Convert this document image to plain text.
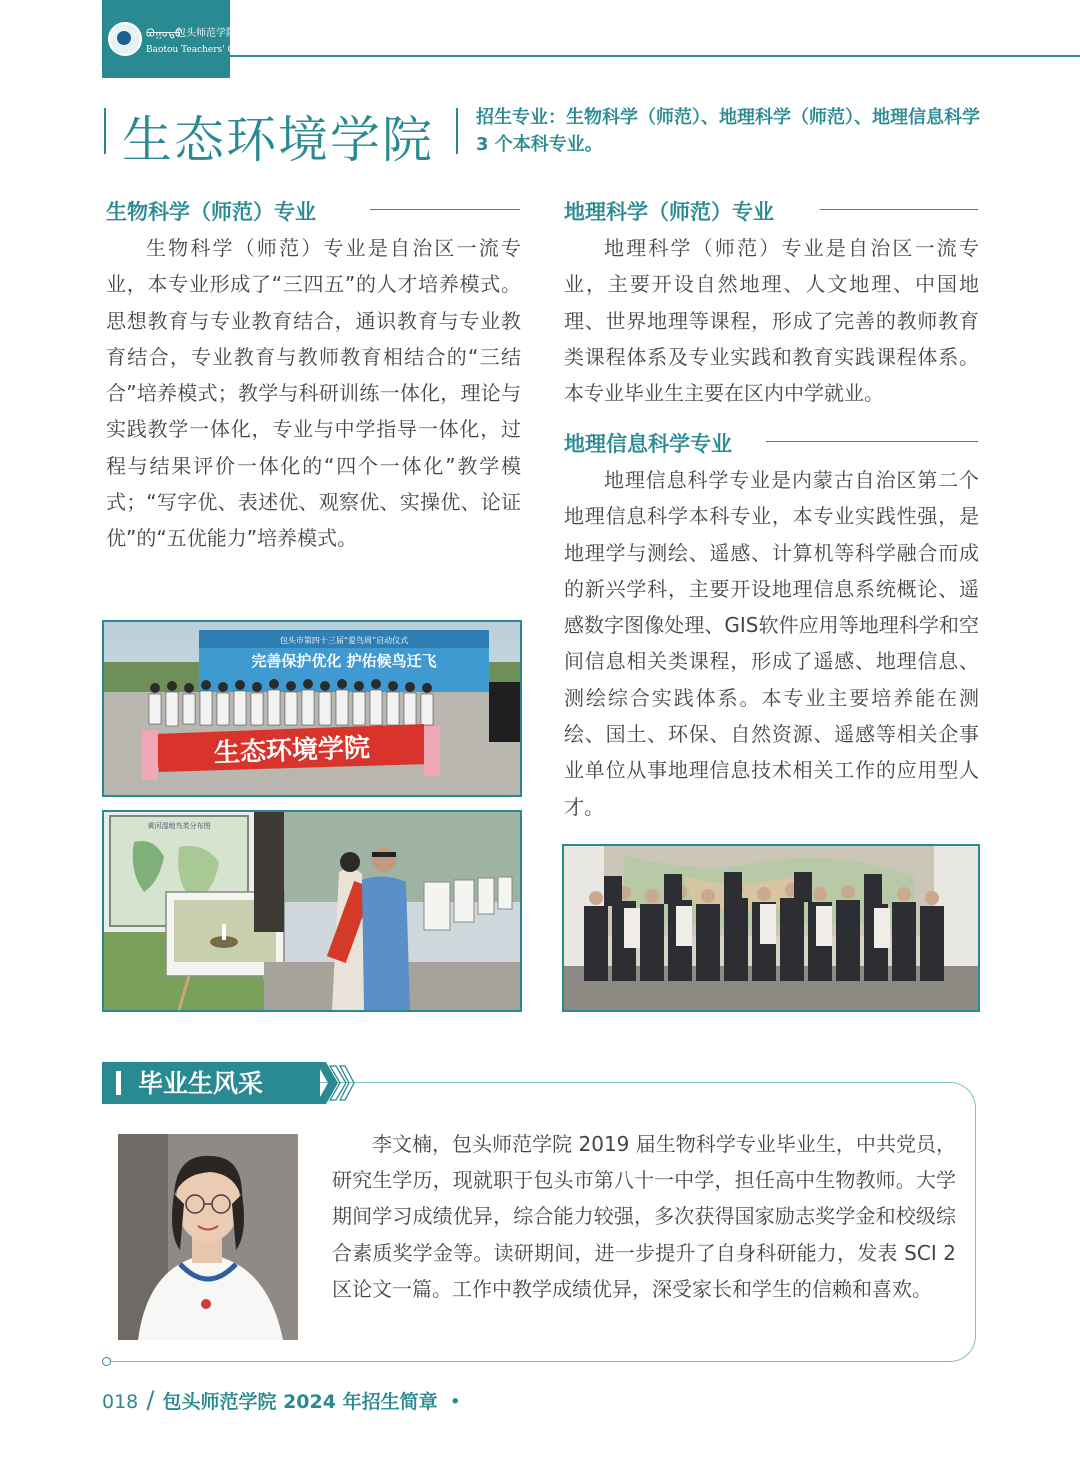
ᠪᠤᠭᠤᠲᠤ
包头师范学院
Baotou Teachers' College
生态环境学院 招生专业：生物科学（师范）、地理科学（师范）、地理信息科学 3 个本科专业。
生物科学（师范）专业
生物科学（师范）专业是自治区一流专业，本专业形成了“三四五”的人才培养模式。思想教育与专业教育结合，通识教育与专业教育结合，专业教育与教师教育相结合的“三结合”培养模式；教学与科研训练一体化，理论与实践教学一体化，专业与中学指导一体化，过程与结果评价一体化的“四个一体化”教学模式；“写字优、表述优、观察优、实操优、论证优”的“五优能力”培养模式。
地理科学（师范）专业
地理科学（师范）专业是自治区一流专业，主要开设自然地理、人文地理、中国地理、世界地理等课程，形成了完善的教师教育类课程体系及专业实践和教育实践课程体系。本专业毕业生主要在区内中学就业。
地理信息科学专业
地理信息科学专业是内蒙古自治区第二个地理信息科学本科专业，本专业实践性强，是地理学与测绘、遥感、计算机等科学融合而成的新兴学科，主要开设地理信息系统概论、遥感数字图像处理、GIS软件应用等地理科学和空间信息相关类课程，形成了遥感、地理信息、测绘综合实践体系。本专业主要培养能在测绘、国土、环保、自然资源、遥感等相关企事业单位从事地理信息技术相关工作的应用型人才。
包头市第四十三届“爱鸟周”启动仪式
完善保护优化 护佑候鸟迁飞
生态环境学院
黄河湿地鸟类分布图
毕业生风采
李文楠，包头师范学院 2019 届生物科学专业毕业生，中共党员，研究生学历，现就职于包头市第八十一中学，担任高中生物教师。大学期间学习成绩优异，综合能力较强，多次获得国家励志奖学金和校级综合素质奖学金等。读研期间，进一步提升了自身科研能力，发表 SCI 2 区论文一篇。工作中教学成绩优异，深受家长和学生的信赖和喜欢。
018 / 包头师范学院 2024 年招生简章 •
